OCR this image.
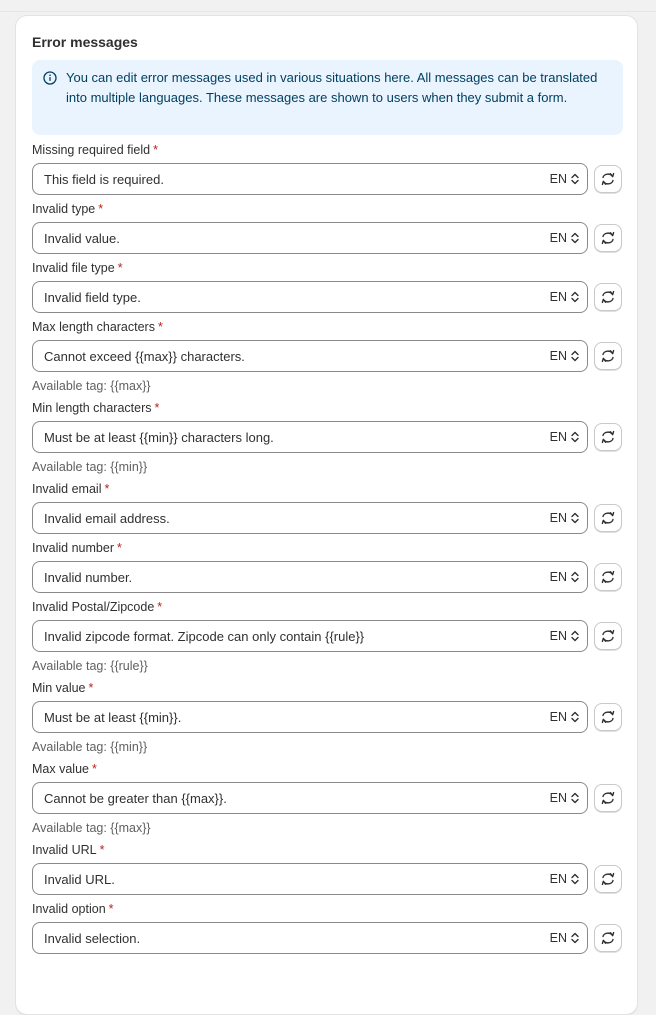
Error messages
You can edit error messages used in various situations here. All messages can be translated into multiple languages. These messages are shown to users when they submit a form.
Missing required field *
This field is required.
EN
Invalid type *
Invalid value.
EN
Invalid file type *
Invalid field type.
EN
Max length characters *
Cannot exceed {{max}} characters.
EN
Available tag: {{max}}
Min length characters *
Must be at least {{min}} characters long.
EN
Available tag: {{min}}
Invalid email *
Invalid email address.
EN
Invalid number *
Invalid number.
EN
Invalid Postal/Zipcode *
Invalid zipcode format. Zipcode can only contain {{rule}}
EN
Available tag: {{rule}}
Min value *
Must be at least {{min}}.
EN
Available tag: {{min}}
Max value *
Cannot be greater than {{max}}.
EN
Available tag: {{max}}
Invalid URL *
Invalid URL.
EN
Invalid option *
Invalid selection.
EN
